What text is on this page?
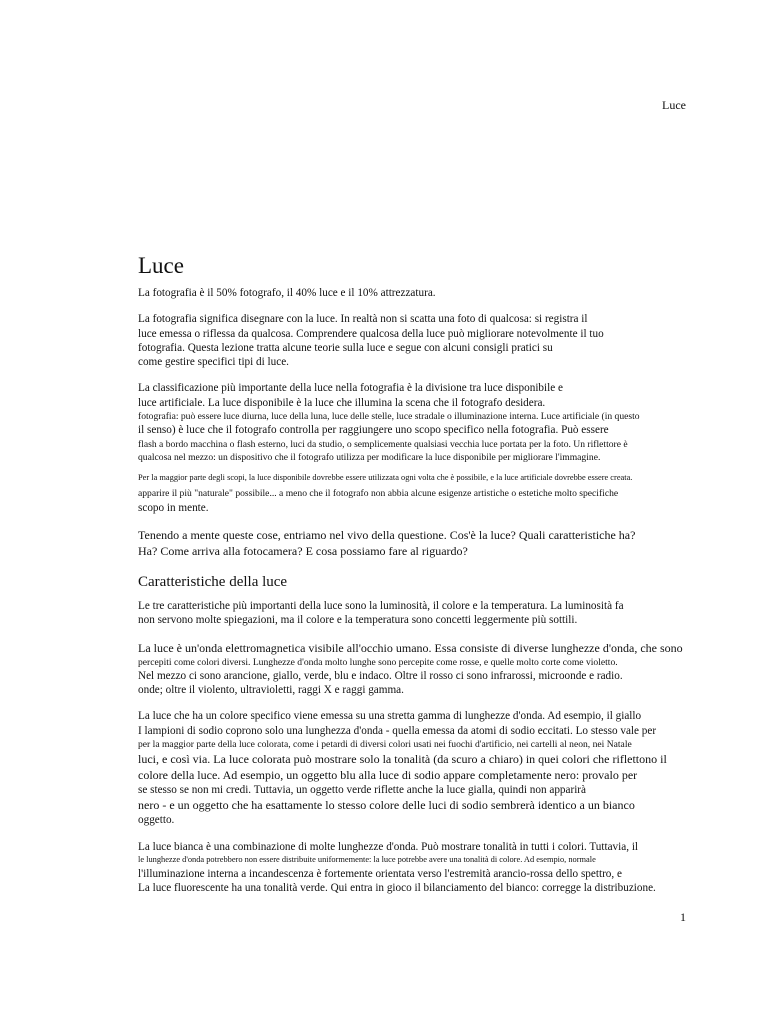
Luce
Luce
La fotografia è il 50% fotografo, il 40% luce e il 10% attrezzatura.
La fotografia significa disegnare con la luce. In realtà non si scatta una foto di qualcosa: si registra il
luce emessa o riflessa da qualcosa. Comprendere qualcosa della luce può migliorare notevolmente il tuo
fotografia. Questa lezione tratta alcune teorie sulla luce e segue con alcuni consigli pratici su
come gestire specifici tipi di luce.
La classificazione più importante della luce nella fotografia è la divisione tra luce disponibile e
luce artificiale. La luce disponibile è la luce che illumina la scena che il fotografo desidera.
fotografia: può essere luce diurna, luce della luna, luce delle stelle, luce stradale o illuminazione interna. Luce artificiale (in questo
il senso) è luce che il fotografo controlla per raggiungere uno scopo specifico nella fotografia. Può essere
flash a bordo macchina o flash esterno, luci da studio, o semplicemente qualsiasi vecchia luce portata per la foto. Un riflettore è
qualcosa nel mezzo: un dispositivo che il fotografo utilizza per modificare la luce disponibile per migliorare l'immagine.
Per la maggior parte degli scopi, la luce disponibile dovrebbe essere utilizzata ogni volta che è possibile, e la luce artificiale dovrebbe essere creata.
apparire il più "naturale" possibile... a meno che il fotografo non abbia alcune esigenze artistiche o estetiche molto specifiche
scopo in mente.
Tenendo a mente queste cose, entriamo nel vivo della questione. Cos'è la luce? Quali caratteristiche ha?
Ha? Come arriva alla fotocamera? E cosa possiamo fare al riguardo?
Caratteristiche della luce
Le tre caratteristiche più importanti della luce sono la luminosità, il colore e la temperatura. La luminosità fa
non servono molte spiegazioni, ma il colore e la temperatura sono concetti leggermente più sottili.
La luce è un'onda elettromagnetica visibile all'occhio umano. Essa consiste di diverse lunghezze d'onda, che sono
percepiti come colori diversi. Lunghezze d'onda molto lunghe sono percepite come rosse, e quelle molto corte come violetto.
Nel mezzo ci sono arancione, giallo, verde, blu e indaco. Oltre il rosso ci sono infrarossi, microonde e radio.
onde; oltre il violento, ultravioletti, raggi X e raggi gamma.
La luce che ha un colore specifico viene emessa su una stretta gamma di lunghezze d'onda. Ad esempio, il giallo
I lampioni di sodio coprono solo una lunghezza d'onda - quella emessa da atomi di sodio eccitati. Lo stesso vale per
per la maggior parte della luce colorata, come i petardi di diversi colori usati nei fuochi d'artificio, nei cartelli al neon, nei Natale
luci, e così via. La luce colorata può mostrare solo la tonalità (da scuro a chiaro) in quei colori che riflettono il
colore della luce. Ad esempio, un oggetto blu alla luce di sodio appare completamente nero: provalo per
se stesso se non mi credi. Tuttavia, un oggetto verde riflette anche la luce gialla, quindi non apparirà
nero - e un oggetto che ha esattamente lo stesso colore delle luci di sodio sembrerà identico a un bianco
oggetto.
La luce bianca è una combinazione di molte lunghezze d'onda. Può mostrare tonalità in tutti i colori. Tuttavia, il
le lunghezze d'onda potrebbero non essere distribuite uniformemente: la luce potrebbe avere una tonalità di colore. Ad esempio, normale
l'illuminazione interna a incandescenza è fortemente orientata verso l'estremità arancio-rossa dello spettro, e
La luce fluorescente ha una tonalità verde. Qui entra in gioco il bilanciamento del bianco: corregge la distribuzione.
1
